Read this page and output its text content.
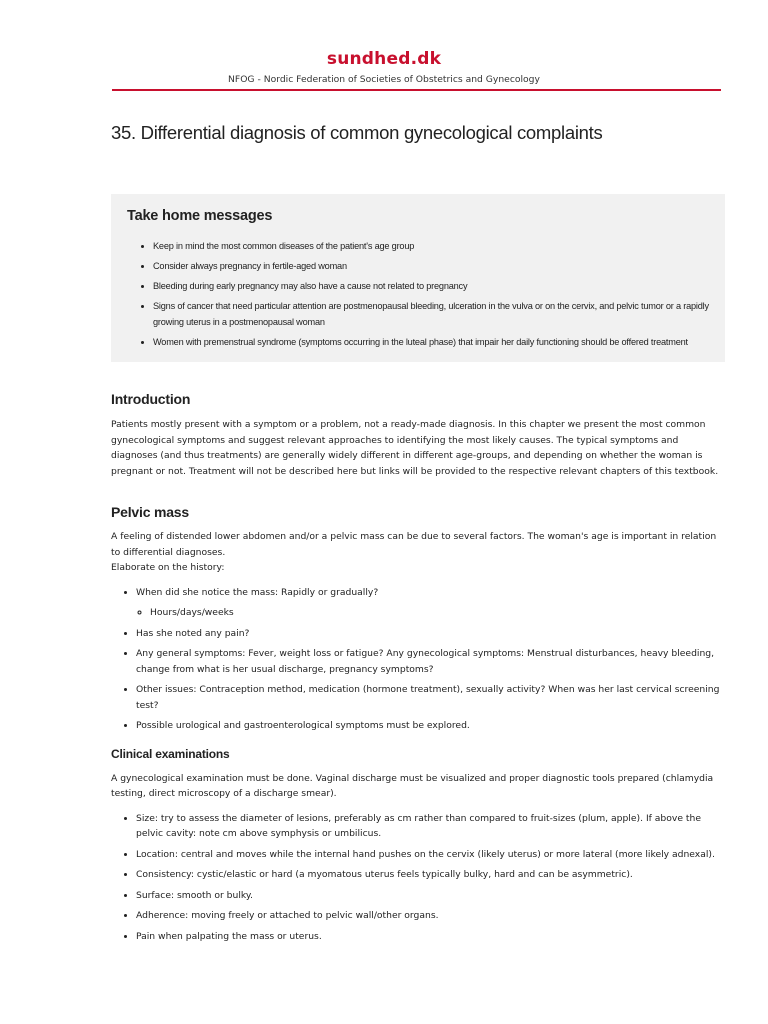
sundhed.dk
NFOG - Nordic Federation of Societies of Obstetrics and Gynecology
35. Differential diagnosis of common gynecological complaints
Take home messages
• Keep in mind the most common diseases of the patient's age group
• Consider always pregnancy in fertile-aged woman
• Bleeding during early pregnancy may also have a cause not related to pregnancy
• Signs of cancer that need particular attention are postmenopausal bleeding, ulceration in the vulva or on the cervix, and pelvic tumor or a rapidly growing uterus in a postmenopausal woman
• Women with premenstrual syndrome (symptoms occurring in the luteal phase) that impair her daily functioning should be offered treatment
Introduction

Patients mostly present with a symptom or a problem, not a ready-made diagnosis. In this chapter we present the most common gynecological symptoms and suggest relevant approaches to identifying the most likely causes. The typical symptoms and diagnoses (and thus treatments) are generally widely different in different age-groups, and depending on whether the woman is pregnant or not. Treatment will not be described here but links will be provided to the respective relevant chapters of this textbook.

Pelvic mass

A feeling of distended lower abdomen and/or a pelvic mass can be due to several factors. The woman's age is important in relation to differential diagnoses.

Elaborate on the history:

• When did she notice the mass: Rapidly or gradually?
◦ Hours/days/weeks
• Has she noted any pain?
• Any general symptoms: Fever, weight loss or fatigue? Any gynecological symptoms: Menstrual disturbances, heavy bleeding, change from what is her usual discharge, pregnancy symptoms?
• Other issues: Contraception method, medication (hormone treatment), sexually activity? When was her last cervical screening test?
• Possible urological and gastroenterological symptoms must be explored.
Clinical examinations

A gynecological examination must be done. Vaginal discharge must be visualized and proper diagnostic tools prepared (chlamydia testing, direct microscopy of a discharge smear).

• Size: try to assess the diameter of lesions, preferably as cm rather than compared to fruit-sizes (plum, apple). If above the pelvic cavity: note cm above symphysis or umbilicus.
• Location: central and moves while the internal hand pushes on the cervix (likely uterus) or more lateral (more likely adnexal).
• Consistency: cystic/elastic or hard (a myomatous uterus feels typically bulky, hard and can be asymmetric).
• Surface: smooth or bulky.
• Adherence: moving freely or attached to pelvic wall/other organs.
• Pain when palpating the mass or uterus.
